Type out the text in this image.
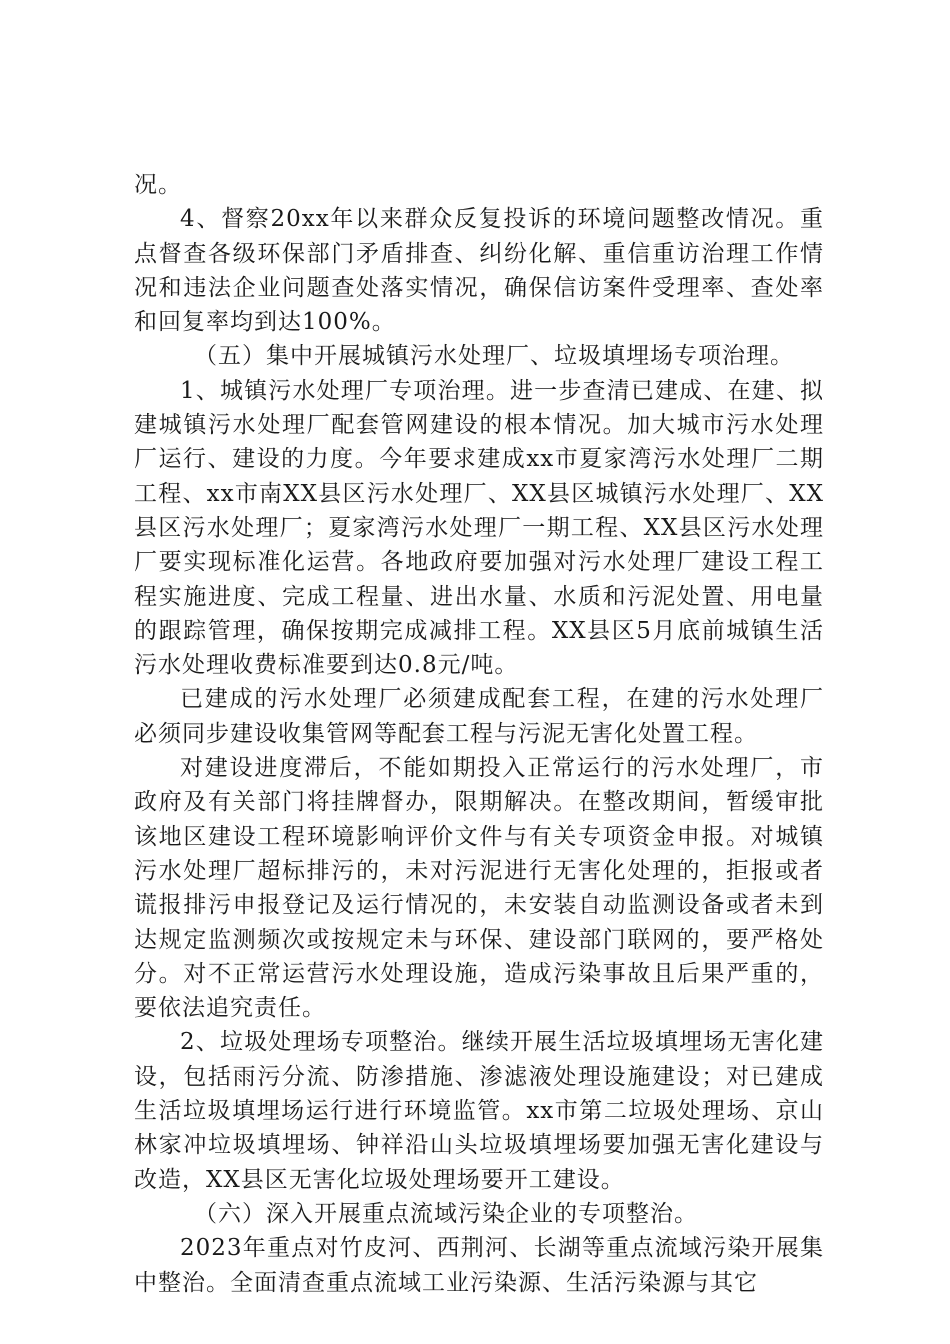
况。

4、督察20xx年以来群众反复投诉的环境问题整改情况。重点督查各级环保部门矛盾排查、纠纷化解、重信重访治理工作情况和违法企业问题查处落实情况，确保信访案件受理率、查处率和回复率均到达100%。

（五）集中开展城镇污水处理厂、垃圾填埋场专项治理。

1、城镇污水处理厂专项治理。进一步查清已建成、在建、拟建城镇污水处理厂配套管网建设的根本情况。加大城市污水处理厂运行、建设的力度。今年要求建成xx市夏家湾污水处理厂二期工程、xx市南XX县区污水处理厂、XX县区城镇污水处理厂、XX县区污水处理厂；夏家湾污水处理厂一期工程、XX县区污水处理厂要实现标准化运营。各地政府要加强对污水处理厂建设工程工程实施进度、完成工程量、进出水量、水质和污泥处置、用电量的跟踪管理，确保按期完成减排工程。XX县区5月底前城镇生活污水处理收费标准要到达0.8元/吨。

已建成的污水处理厂必须建成配套工程，在建的污水处理厂必须同步建设收集管网等配套工程与污泥无害化处置工程。

对建设进度滞后，不能如期投入正常运行的污水处理厂，市政府及有关部门将挂牌督办，限期解决。在整改期间，暂缓审批该地区建设工程环境影响评价文件与有关专项资金申报。对城镇污水处理厂超标排污的，未对污泥进行无害化处理的，拒报或者谎报排污申报登记及运行情况的，未安装自动监测设备或者未到达规定监测频次或按规定未与环保、建设部门联网的，要严格处分。对不正常运营污水处理设施，造成污染事故且后果严重的，要依法追究责任。

2、垃圾处理场专项整治。继续开展生活垃圾填埋场无害化建设，包括雨污分流、防渗措施、渗滤液处理设施建设；对已建成生活垃圾填埋场运行进行环境监管。xx市第二垃圾处理场、京山林家冲垃圾填埋场、钟祥沿山头垃圾填埋场要加强无害化建设与改造，XX县区无害化垃圾处理场要开工建设。

（六）深入开展重点流域污染企业的专项整治。

2023年重点对竹皮河、西荆河、长湖等重点流域污染开展集中整治。全面清查重点流域工业污染源、生活污染源与其它
